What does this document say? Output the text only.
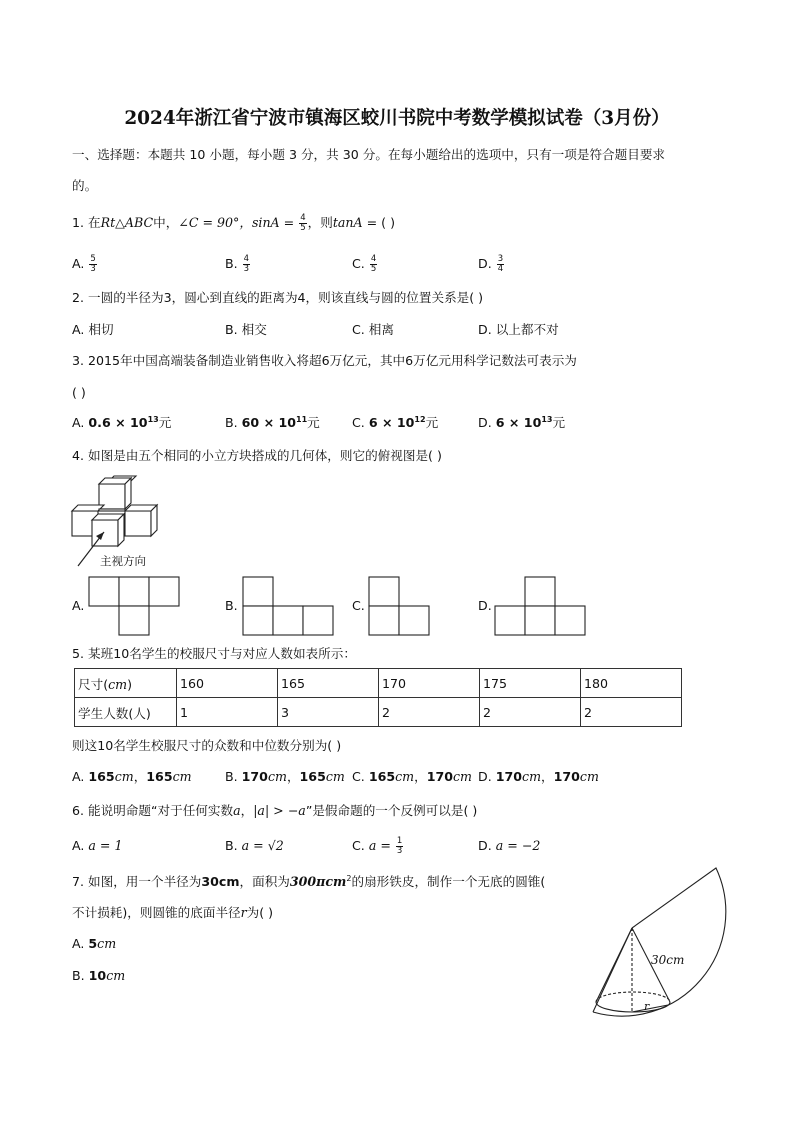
2024年浙江省宁波市镇海区蛟川书院中考数学模拟试卷（3月份）
一、选择题：本题共 10 小题，每小题 3 分，共 30 分。在每小题给出的选项中，只有一项是符合题目要求
的。
1. 在Rt△ABC中，∠C = 90°，$\sin A = \frac{4}{5}$ ，则tanA = ( )
A. $\frac{5}{3}$	B. $\frac{4}{3}$	C. $\frac{4}{5}$	D. $\frac{3}{4}$
2. 一圆的半径为3，圆心到直线的距离为4，则该直线与圆的位置关系是( )
A. 相切	B. 相交	C. 相离	D. 以上都不对
3. 2015年中国高端装备制造业销售收入将超6万亿元，其中6万亿元用科学记数法可表示为
( )
A. $0.6 \times 10^{13}$元	B. $60 \times 10^{11}$元	C. $6 \times 10^{12}$元	D. $6 \times 10^{13}$元
4. 如图是由五个相同的小立方块搭成的几何体，则它的俯视图是( )
主视方向
A.	B.	C.	D.
5. 某班10名学生的校服尺寸与对应人数如表所示：
尺寸(cm)	160	165	170	175	180
学生人数(人)	1	3	2	2	2
则这10名学生校服尺寸的众数和中位数分别为( )
A. 165cm，165cm	B. 170cm，165cm C. 165cm，170cm D. 170cm，170cm
6. 能说明命题“对于任何实数a，|a| > −a”是假命题的一个反例可以是( )
A. a = 1	B. a = √2	C. $a = \frac{1}{3}$	D. a = −2
7. 如图，用一个半径为30cm，面积为300πcm$^2$的扇形铁皮，制作一个无底的圆锥(
不计损耗)，则圆锥的底面半径r为( )
A. 5cm
B. 10cm
30cm
r
